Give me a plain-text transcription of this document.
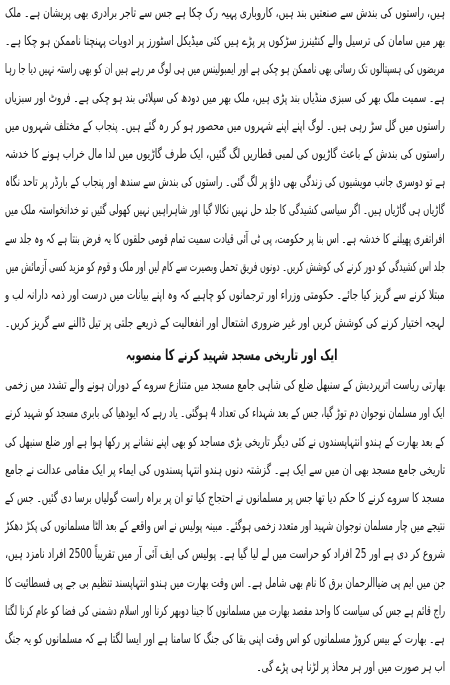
ہیں، راستوں کی بندش سے صنعتیں بند ہیں، کاروباری پہیہ رک چکا ہے جس سے تاجر برادری بھی پریشان ہے۔ ملک
بھر میں سامان کی ترسیل والے کنٹینرز سڑکوں پر پڑے ہیں کئی میڈیکل اسٹورز پر ادویات پہنچنا ناممکن ہو چکا ہے۔
مریضوں کی ہسپتالوں تک رسائی بھی ناممکن ہو چکی ہے اور ایمبولینس میں ہی لوگ مر رہے ہیں ان کو بھی راستہ نہیں دیا جا رہا
ہے۔ سمیت ملک بھر کی سبزی منڈیاں بند پڑی ہیں، ملک بھر میں دودھ کی سپلائی بند ہو چکی ہے۔ فروٹ اور سبزیاں
راستوں میں گل سڑ رہی ہیں۔ لوگ اپنے اپنے شہروں میں محصور ہو کر رہ گئے ہیں۔ پنجاب کے مختلف شہروں میں
راستوں کی بندش کے باعث گاڑیوں کی لمبی قطاریں لگ گئیں، ایک طرف گاڑیوں میں لدا مال خراب ہونے کا خدشہ
ہے تو دوسری جانب مویشیوں کی زندگی بھی داؤ پر لگ گئی۔ راستوں کی بندش سے سندھ اور پنجاب کے بارڈر پر تاحد نگاہ
گاڑیاں ہی گاڑیاں ہیں۔ اگر سیاسی کشیدگی کا جلد حل نہیں نکالا گیا اور شاہراہیں نہیں کھولی گئیں تو خدانخواستہ ملک میں
افراتفری پھیلنے کا خدشہ ہے۔ اس بنا پر حکومت، پی ٹی آئی قیادت سمیت تمام قومی حلقوں کا یہ فرض بنتا ہے کہ وہ جلد سے
جلد اس کشیدگی کو دور کرنے کی کوشش کریں۔ دونوں فریق تحمل وبصیرت سے کام لیں اور ملک و قوم کو مزید کسی آزمائش میں
مبتلا کرنے سے گریز کیا جائے۔ حکومتی وزراء اور ترجمانوں کو چاہیے کہ وہ اپنے بیانات میں درست اور ذمہ دارانہ لب و
لہجہ اختیار کرنے کی کوشش کریں اور غیر ضروری اشتعال اور انفعالیت کے ذریعے جلتی پر تیل ڈالنے سے گریز کریں۔
ایک اور تاریخی مسجد شہید کرنے کا منصوبہ
بھارتی ریاست اترپردیش کے سنبھل ضلع کی شاہی جامع مسجد میں متنازع سروے کے دوران ہونے والے تشدد میں زخمی
ایک اور مسلمان نوجوان دم توڑ گیا، جس کے بعد شہداء کی تعداد 4 ہوگئی۔ یاد رہے کہ ایودھیا کی بابری مسجد کو شہید کرنے
کے بعد بھارت کے ہندو انتہاپسندوں نے کئی دیگر تاریخی بڑی مساجد کو بھی اپنے نشانے پر رکھا ہوا ہے اور ضلع سنبھل کی
تاریخی جامع مسجد بھی ان میں سے ایک ہے۔ گزشتہ دنوں ہندو انتہا پسندوں کی ایماء پر ایک مقامی عدالت نے جامع
مسجد کا سروے کرنے کا حکم دیا تھا جس پر مسلمانوں نے احتجاج کیا تو ان پر براہ راست گولیاں برسا دی گئیں۔ جس کے
نتیجے میں چار مسلمان نوجوان شہید اور متعدد زخمی ہوگئے۔ مبینہ پولیس نے اس واقعے کے بعد الٹا مسلمانوں کی پکڑ دھکڑ
شروع کر دی ہے اور 25 افراد کو حراست میں لے لیا گیا ہے۔ پولیس کی ایف آئی آر میں تقریباً 2500 افراد نامزد ہیں،
جن میں ایم پی ضیاالرحمان برق کا نام بھی شامل ہے۔ اس وقت بھارت میں ہندو انتہاپسند تنظیم بی جے پی فسطائیت کا
راج قائم ہے جس کی سیاست کا واحد مقصد بھارت میں مسلمانوں کا جینا دوبھر کرنا اور اسلام دشمنی کی فضا کو عام کرنا لگتا
ہے۔ بھارت کے بیس کروڑ مسلمانوں کو اس وقت اپنی بقا کی جنگ کا سامنا ہے اور ایسا لگتا ہے کہ مسلمانوں کو یہ جنگ
اب ہر صورت میں اور ہر محاذ پر لڑنا ہی پڑے گی۔
